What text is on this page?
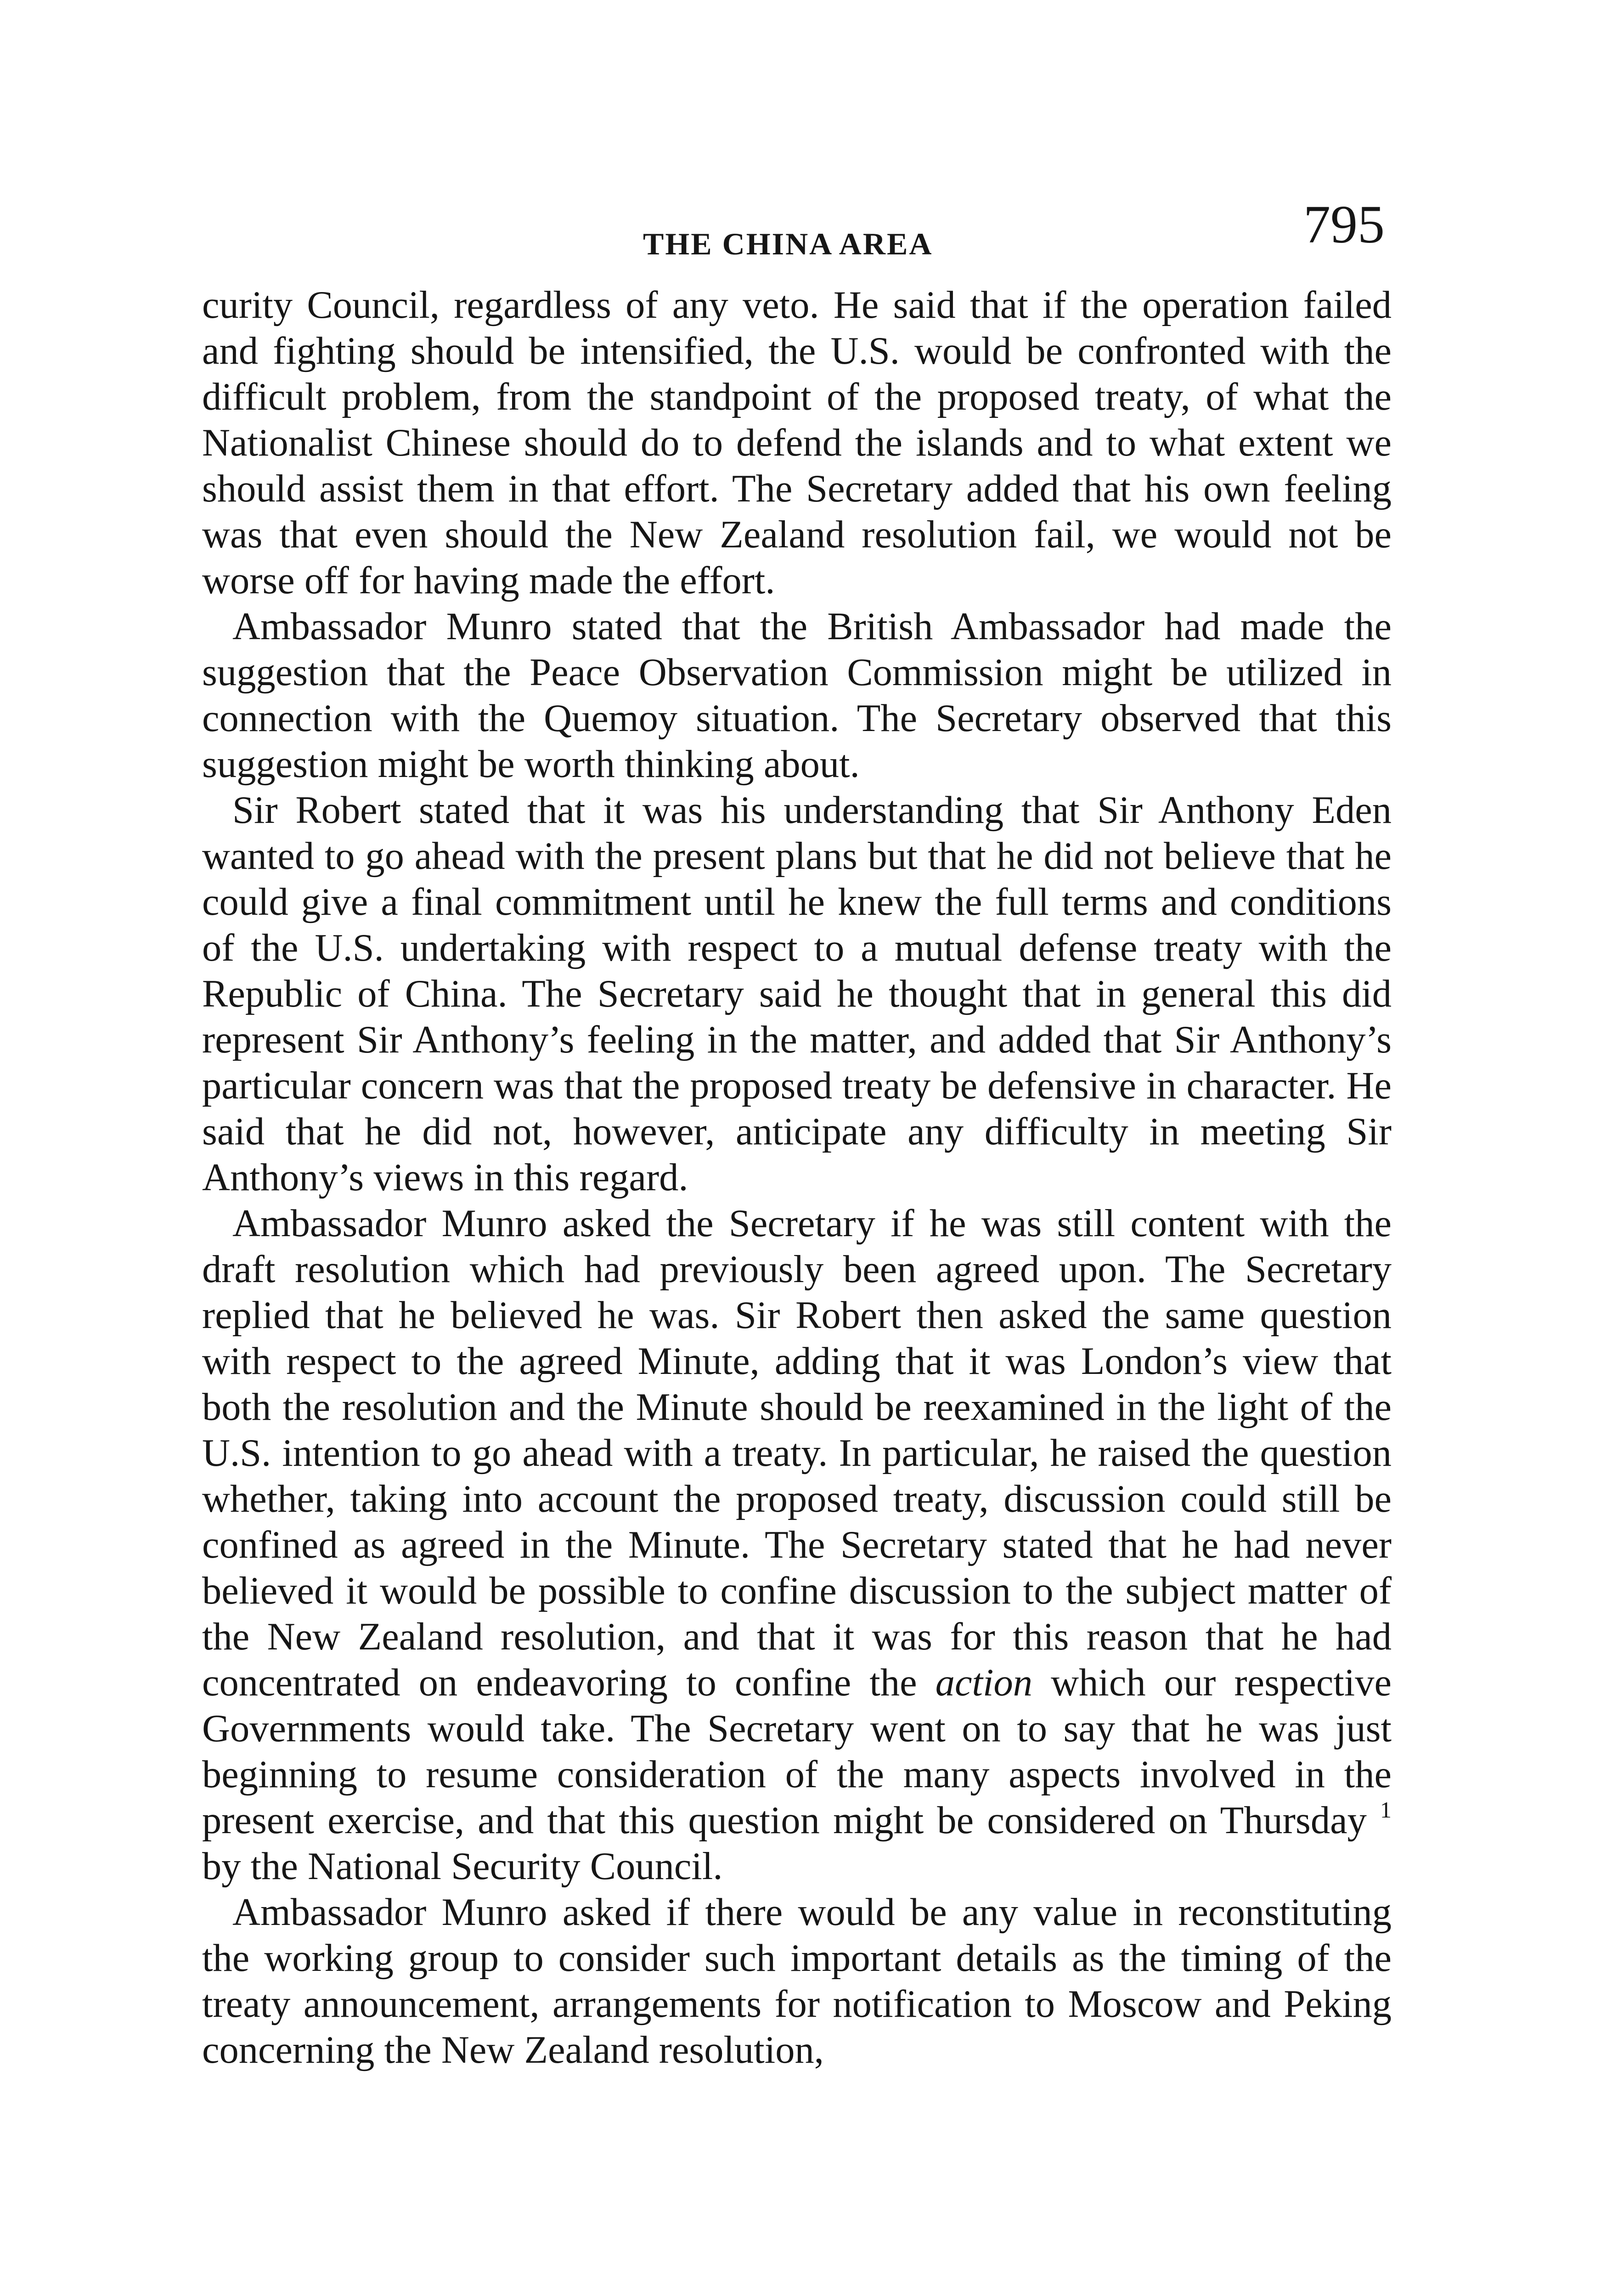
THE CHINA AREA	795

curity Council, regardless of any veto. He said that if the operation failed and fighting should be intensified, the U.S. would be confronted with the difficult problem, from the standpoint of the proposed treaty, of what the Nationalist Chinese should do to defend the islands and to what extent we should assist them in that effort. The Secretary added that his own feeling was that even should the New Zealand resolution fail, we would not be worse off for having made the effort.

Ambassador Munro stated that the British Ambassador had made the suggestion that the Peace Observation Commission might be utilized in connection with the Quemoy situation. The Secretary observed that this suggestion might be worth thinking about.

Sir Robert stated that it was his understanding that Sir Anthony Eden wanted to go ahead with the present plans but that he did not believe that he could give a final commitment until he knew the full terms and conditions of the U.S. undertaking with respect to a mutual defense treaty with the Republic of China. The Secretary said he thought that in general this did represent Sir Anthony’s feeling in the matter, and added that Sir Anthony’s particular concern was that the proposed treaty be defensive in character. He said that he did not, however, anticipate any difficulty in meeting Sir Anthony’s views in this regard.

Ambassador Munro asked the Secretary if he was still content with the draft resolution which had previously been agreed upon. The Secretary replied that he believed he was. Sir Robert then asked the same question with respect to the agreed Minute, adding that it was London’s view that both the resolution and the Minute should be reexamined in the light of the U.S. intention to go ahead with a treaty. In particular, he raised the question whether, taking into account the proposed treaty, discussion could still be confined as agreed in the Minute. The Secretary stated that he had never believed it would be possible to confine discussion to the subject matter of the New Zealand resolution, and that it was for this reason that he had concentrated on endeavoring to confine the action which our respective Governments would take. The Secretary went on to say that he was just beginning to resume consideration of the many aspects involved in the present exercise, and that this question might be considered on Thursday $^1$ by the National Security Council.

Ambassador Munro asked if there would be any value in reconstituting the working group to consider such important details as the timing of the treaty announcement, arrangements for notification to Moscow and Peking concerning the New Zealand resolution,
